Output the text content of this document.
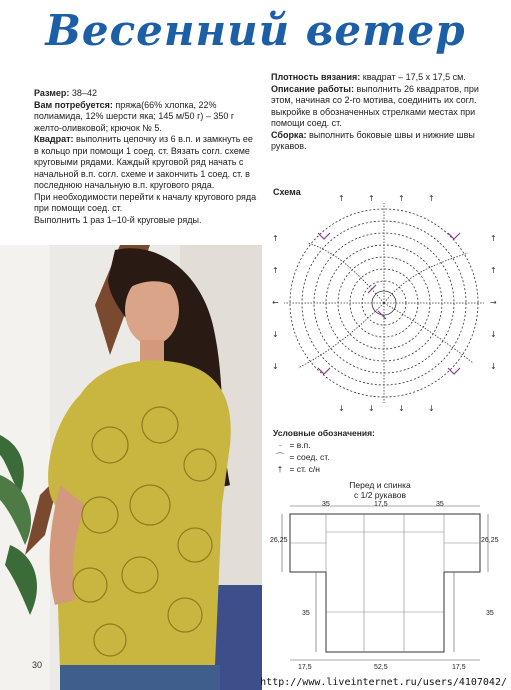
Весенний ветер

Размер: 38–42

Вам потребуется: пряжа(66% хлопка, 22% полиамида, 12% шерсти яка; 145 м/50 г) – 350 г желто-оливковой; крючок № 5.

Квадрат: выполнить цепочку из 6 в.п. и замкнуть ее в кольцо при помощи 1 соед. ст. Вязать согл. схеме круговыми рядами. Каждый круговой ряд начать с начальной в.п. согл. схеме и закончить 1 соед. ст. в последнюю начальную в.п. кругового ряда.

При необходимости перейти к началу кругового ряда при помощи соед. ст.

Выполнить 1 раз 1–10-й круговые ряды.

Плотность вязания: квадрат – 17,5 х 17,5 см.

Описание работы: выполнить 26 квадратов, при этом, начиная со 2-го мотива, соединить их согл. выкройке в обозначенных стрелками местах при помощи соед. ст.

Сборка: выполнить боковые швы и нижние швы рукавов.

30
Схема
↑
↑
←
↓
↓
↑
↑
→
↓
↓
↓	↓	↓	↓
↑	↑	↑	↑
Условные обозначения:
· = в.п.
⌒ = соед. ст.
† = ст. с/н
Перед и спинка
с 1/2 рукавов
35	17,5	35
26,25	26,25
35	35
17,5	52,5	17,5
http://www.liveinternet.ru/users/4107042/
